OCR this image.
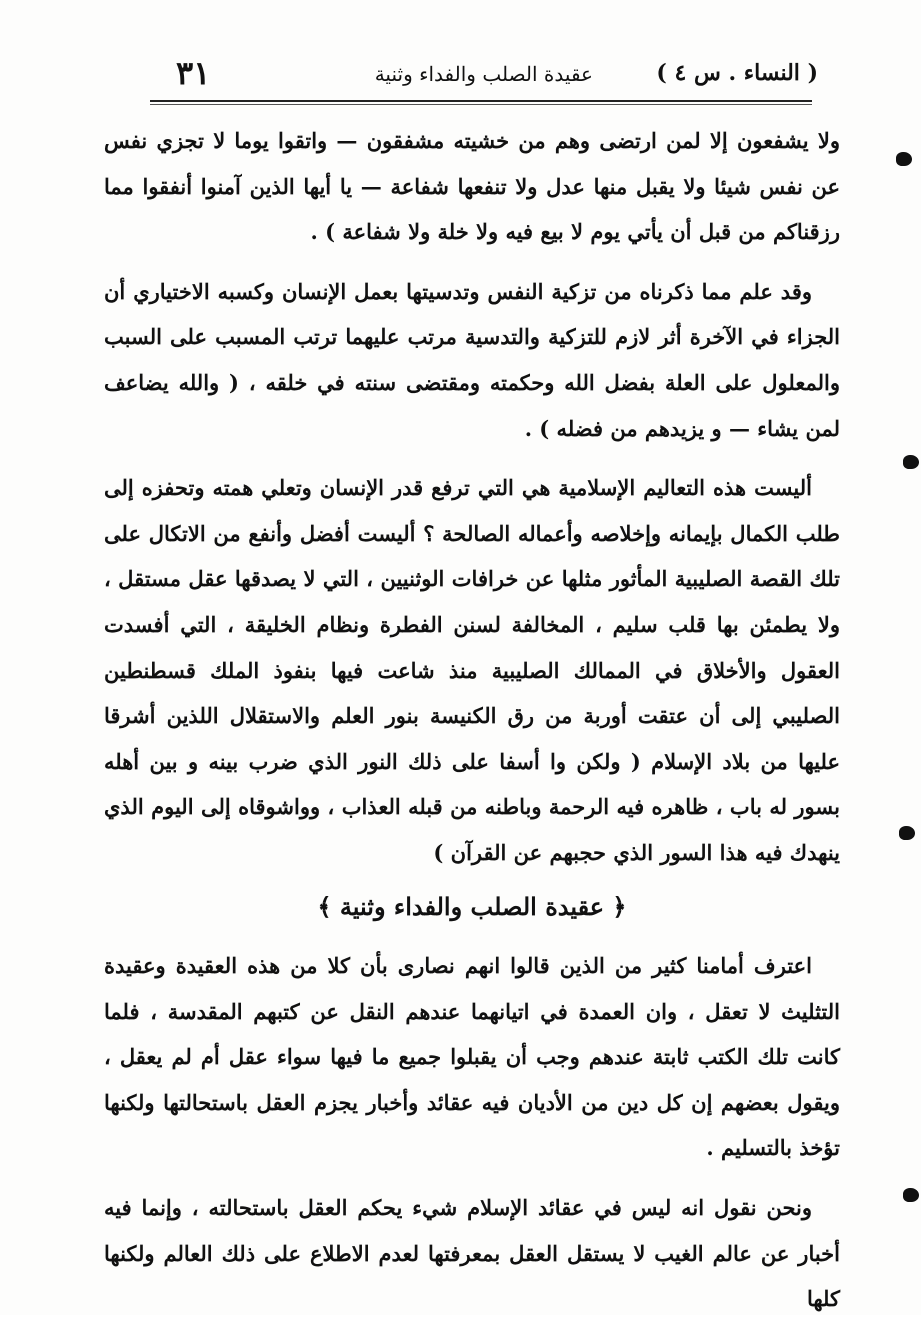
( النساء . س ٤ )
عقيدة الصلب والفداء وثنية
٣١

ولا يشفعون إلا لمن ارتضى وهم من خشيته مشفقون — واتقوا يوما لا تجزي نفس عن نفس شيئا ولا يقبل منها عدل ولا تنفعها شفاعة — يا أيها الذين آمنوا أنفقوا مما رزقناكم من قبل أن يأتي يوم لا بيع فيه ولا خلة ولا شفاعة ) .

وقد علم مما ذكرناه من تزكية النفس وتدسيتها بعمل الإنسان وكسبه الاختياري أن الجزاء في الآخرة أثر لازم للتزكية والتدسية مرتب عليهما ترتب المسبب على السبب والمعلول على العلة بفضل الله وحكمته ومقتضى سنته في خلقه ، ( والله يضاعف لمن يشاء — و يزيدهم من فضله ) .

أليست هذه التعاليم الإسلامية هي التي ترفع قدر الإنسان وتعلي همته وتحفزه إلى طلب الكمال بإيمانه وإخلاصه وأعماله الصالحة ؟ أليست أفضل وأنفع من الاتكال على تلك القصة الصليبية المأثور مثلها عن خرافات الوثنيين ، التي لا يصدقها عقل مستقل ، ولا يطمئن بها قلب سليم ، المخالفة لسنن الفطرة ونظام الخليقة ، التي أفسدت العقول والأخلاق في الممالك الصليبية منذ شاعت فيها بنفوذ الملك قسطنطين الصليبي إلى أن عتقت أوربة من رق الكنيسة بنور العلم والاستقلال اللذين أشرقا عليها من بلاد الإسلام ( ولكن وا أسفا على ذلك النور الذي ضرب بينه و بين أهله بسور له باب ، ظاهره فيه الرحمة وباطنه من قبله العذاب ، وواشوقاه إلى اليوم الذي ينهدك فيه هذا السور الذي حجبهم عن القرآن )

﴿ عقيدة الصلب والفداء وثنية ﴾

اعترف أمامنا كثير من الذين قالوا انهم نصارى بأن كلا من هذه العقيدة وعقيدة التثليث لا تعقل ، وان العمدة في اتيانهما عندهم النقل عن كتبهم المقدسة ، فلما كانت تلك الكتب ثابتة عندهم وجب أن يقبلوا جميع ما فيها سواء عقل أم لم يعقل ، ويقول بعضهم إن كل دين من الأديان فيه عقائد وأخبار يجزم العقل باستحالتها ولكنها تؤخذ بالتسليم .

ونحن نقول انه ليس في عقائد الإسلام شيء يحكم العقل باستحالته ، وإنما فيه أخبار عن عالم الغيب لا يستقل العقل بمعرفتها لعدم الاطلاع على ذلك العالم ولكنها كلها
